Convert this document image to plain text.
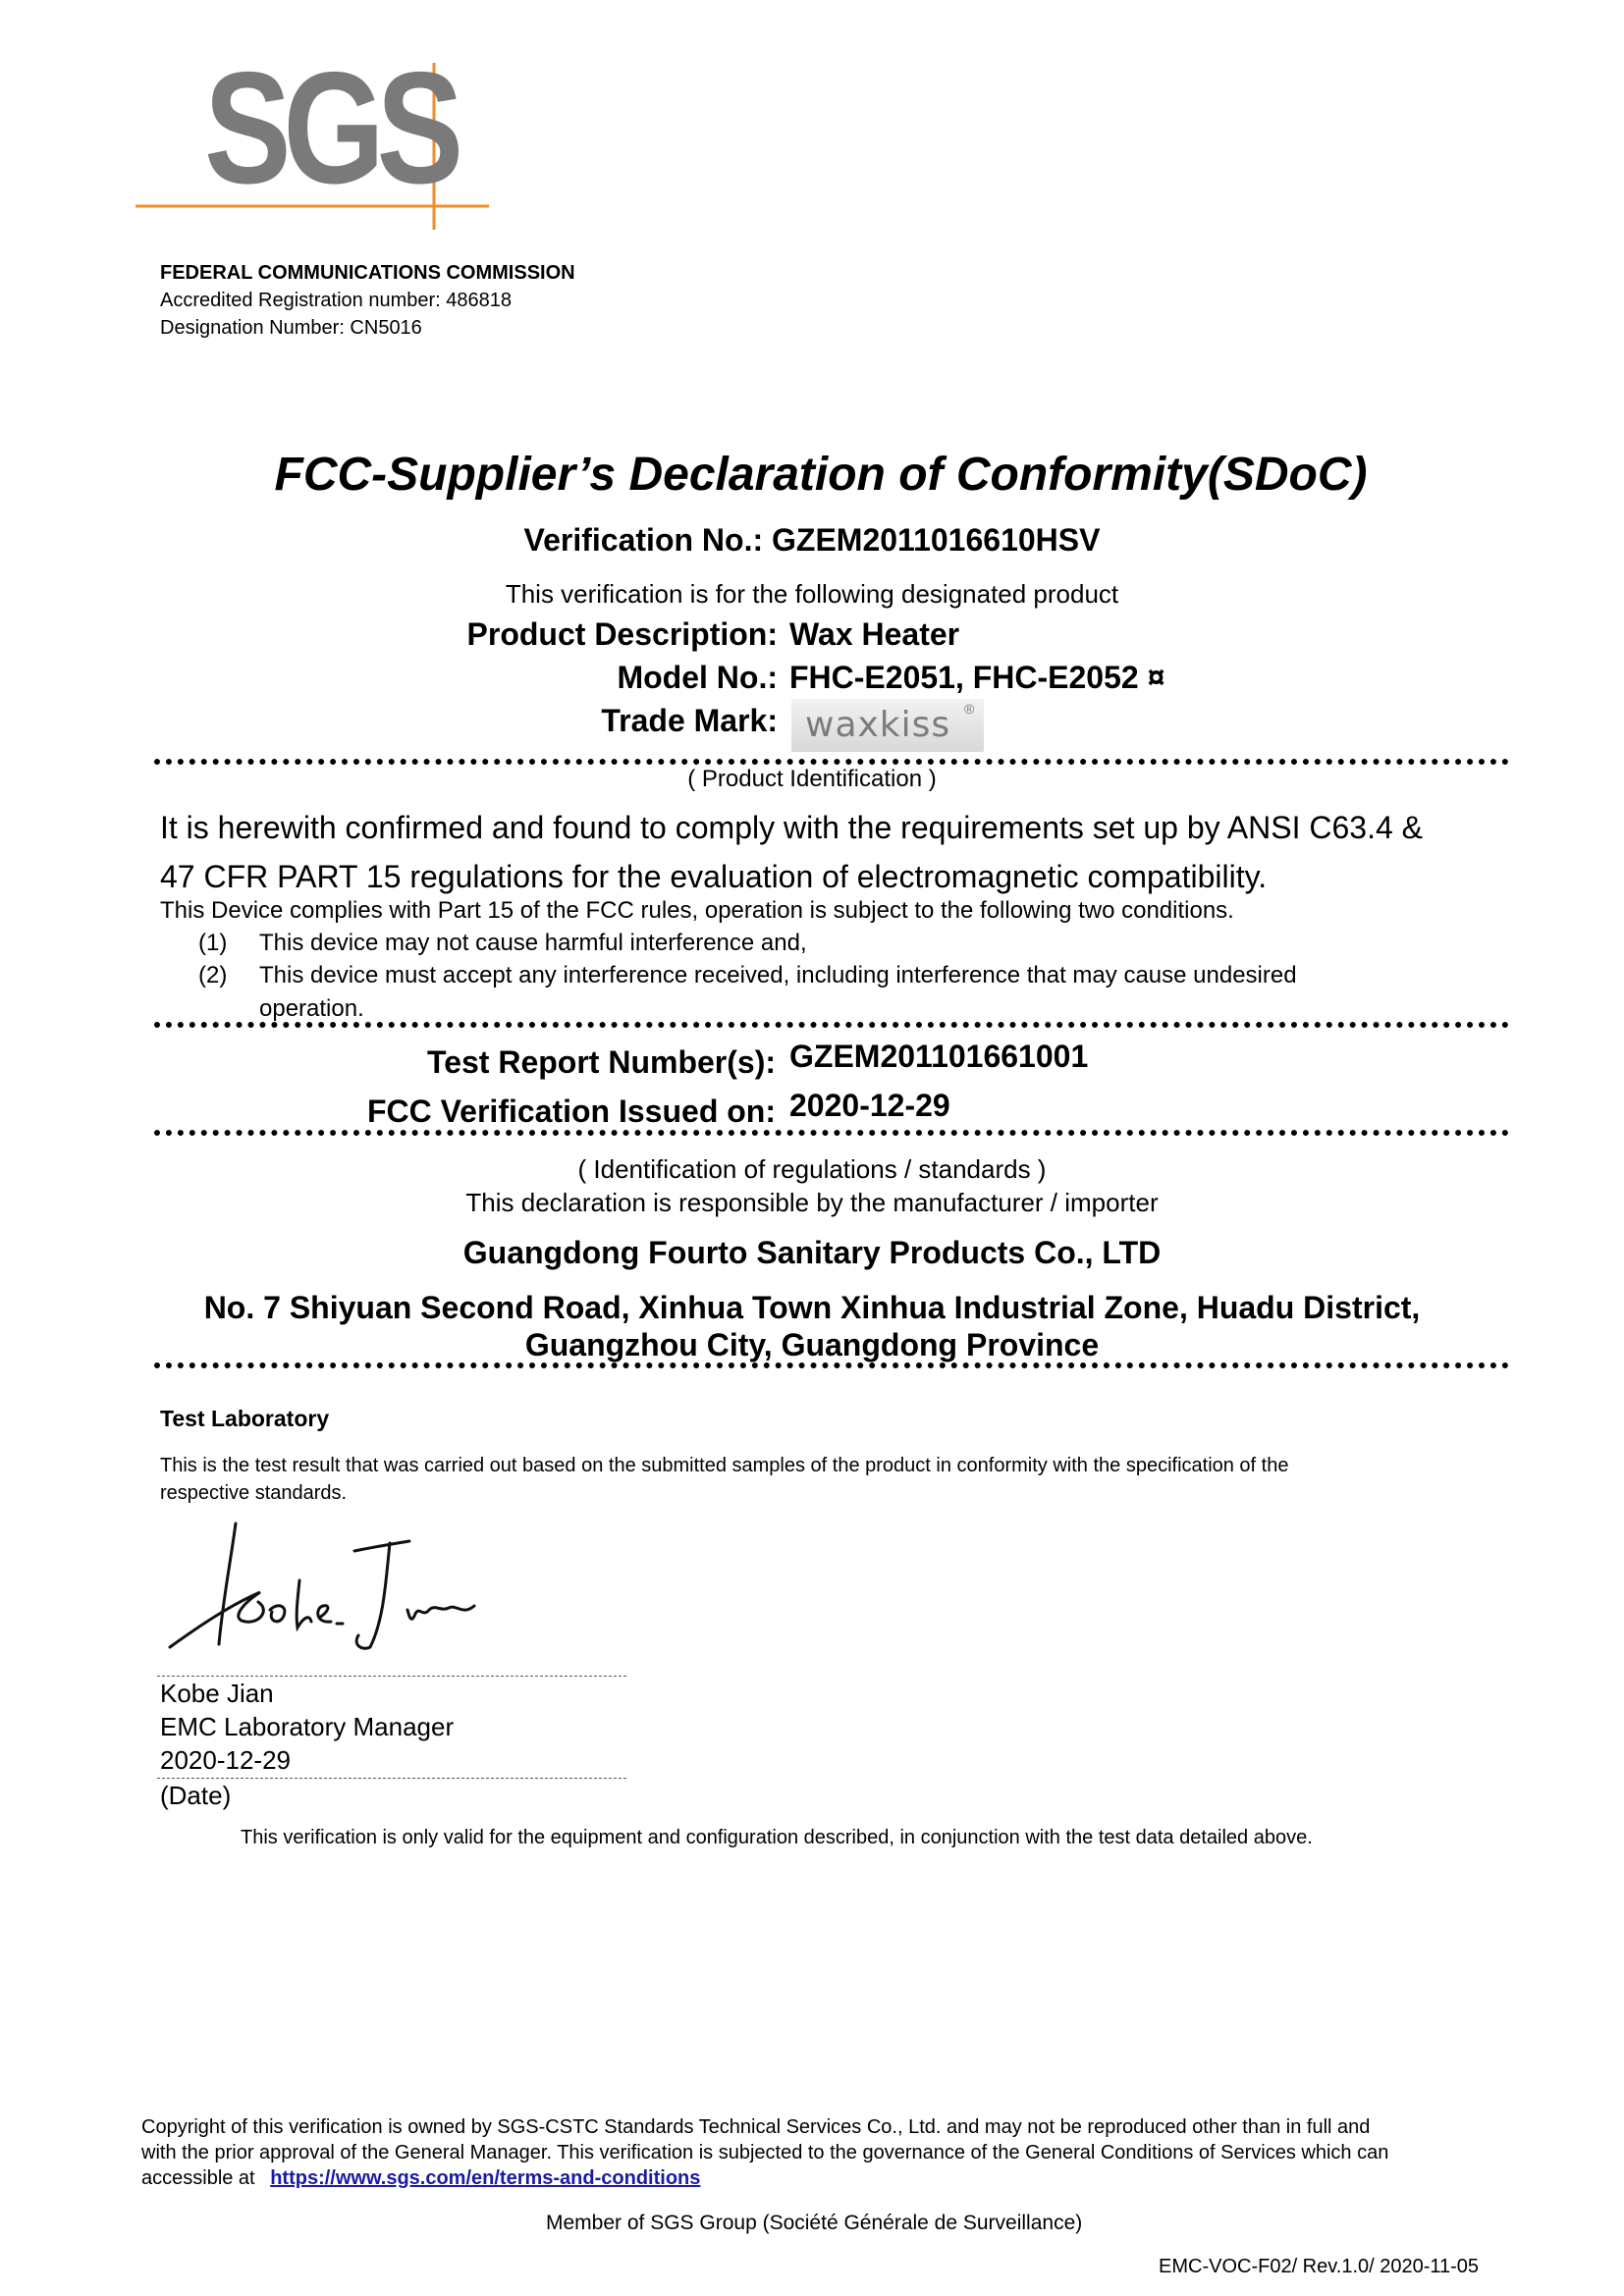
SGS
FEDERAL COMMUNICATIONS COMMISSION
Accredited Registration number: 486818
Designation Number: CN5016
FCC-Supplier’s Declaration of Conformity(SDoC)
Verification No.: GZEM2011016610HSV
This verification is for the following designated product
Product Description: Wax Heater
Model No.: FHC-E2051, FHC-E2052 ¤
Trade Mark: waxkiss ®
( Product Identification )
It is herewith confirmed and found to comply with the requirements set up by ANSI C63.4 &
47 CFR PART 15 regulations for the evaluation of electromagnetic compatibility.
This Device complies with Part 15 of the FCC rules, operation is subject to the following two conditions.
(1) This device may not cause harmful interference and,
(2) This device must accept any interference received, including interference that may cause undesired
operation.
Test Report Number(s): GZEM201101661001
FCC Verification Issued on: 2020-12-29
( Identification of regulations / standards )
This declaration is responsible by the manufacturer / importer
Guangdong Fourto Sanitary Products Co., LTD
No. 7 Shiyuan Second Road, Xinhua Town Xinhua Industrial Zone, Huadu District,
Guangzhou City, Guangdong Province
Test Laboratory
This is the test result that was carried out based on the submitted samples of the product in conformity with the specification of the
respective standards.
Kobe Jian
EMC Laboratory Manager
2020-12-29
(Date)
This verification is only valid for the equipment and configuration described, in conjunction with the test data detailed above.
Copyright of this verification is owned by SGS-CSTC Standards Technical Services Co., Ltd. and may not be reproduced other than in full and
with the prior approval of the General Manager. This verification is subjected to the governance of the General Conditions of Services which can
accessible at https://www.sgs.com/en/terms-and-conditions
Member of SGS Group (Société Générale de Surveillance)
EMC-VOC-F02/ Rev.1.0/ 2020-11-05
